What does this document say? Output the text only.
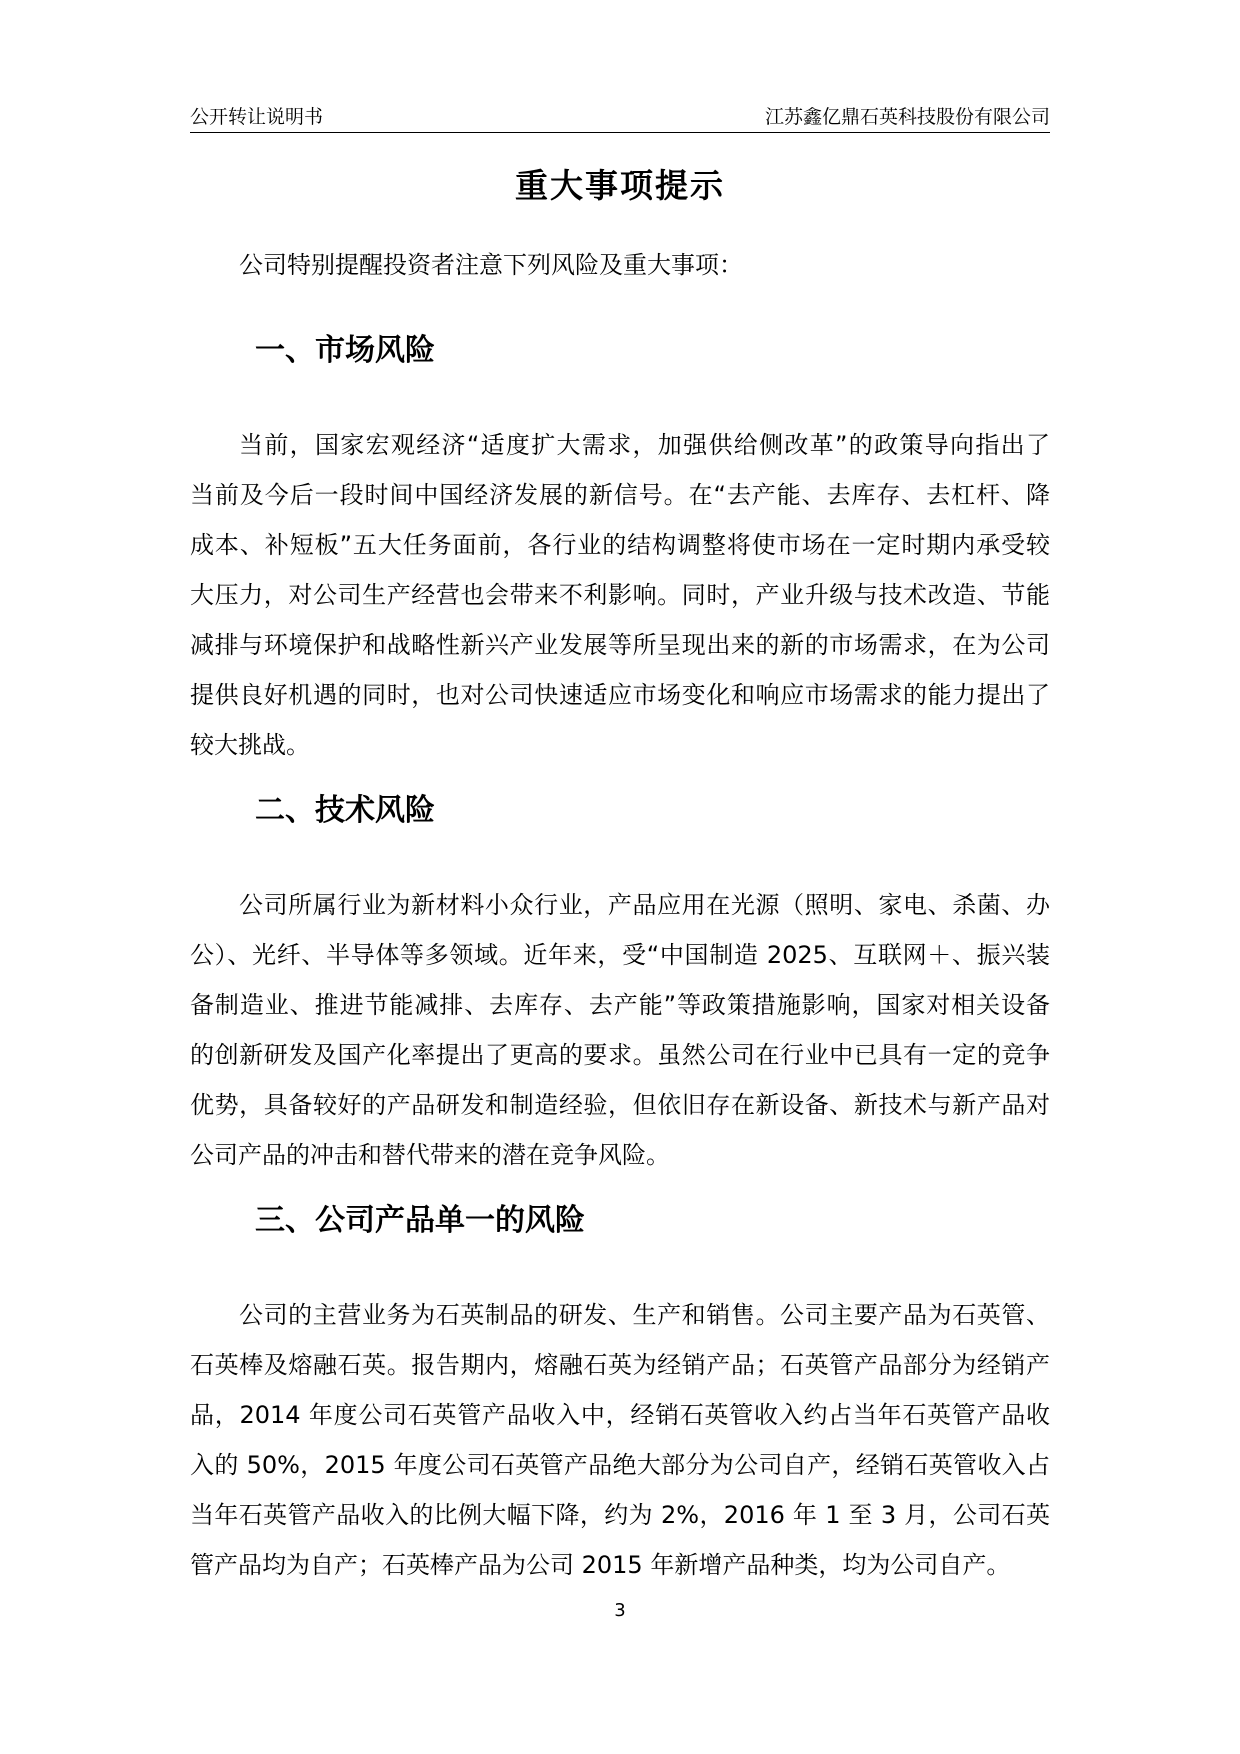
公开转让说明书	江苏鑫亿鼎石英科技股份有限公司
重大事项提示
公司特别提醒投资者注意下列风险及重大事项：
一、市场风险
当前，国家宏观经济“适度扩大需求，加强供给侧改革”的政策导向指出了
当前及今后一段时间中国经济发展的新信号。在“去产能、去库存、去杠杆、降
成本、补短板”五大任务面前，各行业的结构调整将使市场在一定时期内承受较
大压力，对公司生产经营也会带来不利影响。同时，产业升级与技术改造、节能
减排与环境保护和战略性新兴产业发展等所呈现出来的新的市场需求，在为公司
提供良好机遇的同时，也对公司快速适应市场变化和响应市场需求的能力提出了
较大挑战。
二、技术风险
公司所属行业为新材料小众行业，产品应用在光源（照明、家电、杀菌、办
公）、光纤、半导体等多领域。近年来，受“中国制造 2025、互联网＋、振兴装
备制造业、推进节能减排、去库存、去产能”等政策措施影响，国家对相关设备
的创新研发及国产化率提出了更高的要求。虽然公司在行业中已具有一定的竞争
优势，具备较好的产品研发和制造经验，但依旧存在新设备、新技术与新产品对
公司产品的冲击和替代带来的潜在竞争风险。
三、公司产品单一的风险
公司的主营业务为石英制品的研发、生产和销售。公司主要产品为石英管、
石英棒及熔融石英。报告期内，熔融石英为经销产品；石英管产品部分为经销产
品，2014 年度公司石英管产品收入中，经销石英管收入约占当年石英管产品收
入的 50%，2015 年度公司石英管产品绝大部分为公司自产，经销石英管收入占
当年石英管产品收入的比例大幅下降，约为 2%，2016 年 1 至 3 月，公司石英
管产品均为自产；石英棒产品为公司 2015 年新增产品种类，均为公司自产。
3
